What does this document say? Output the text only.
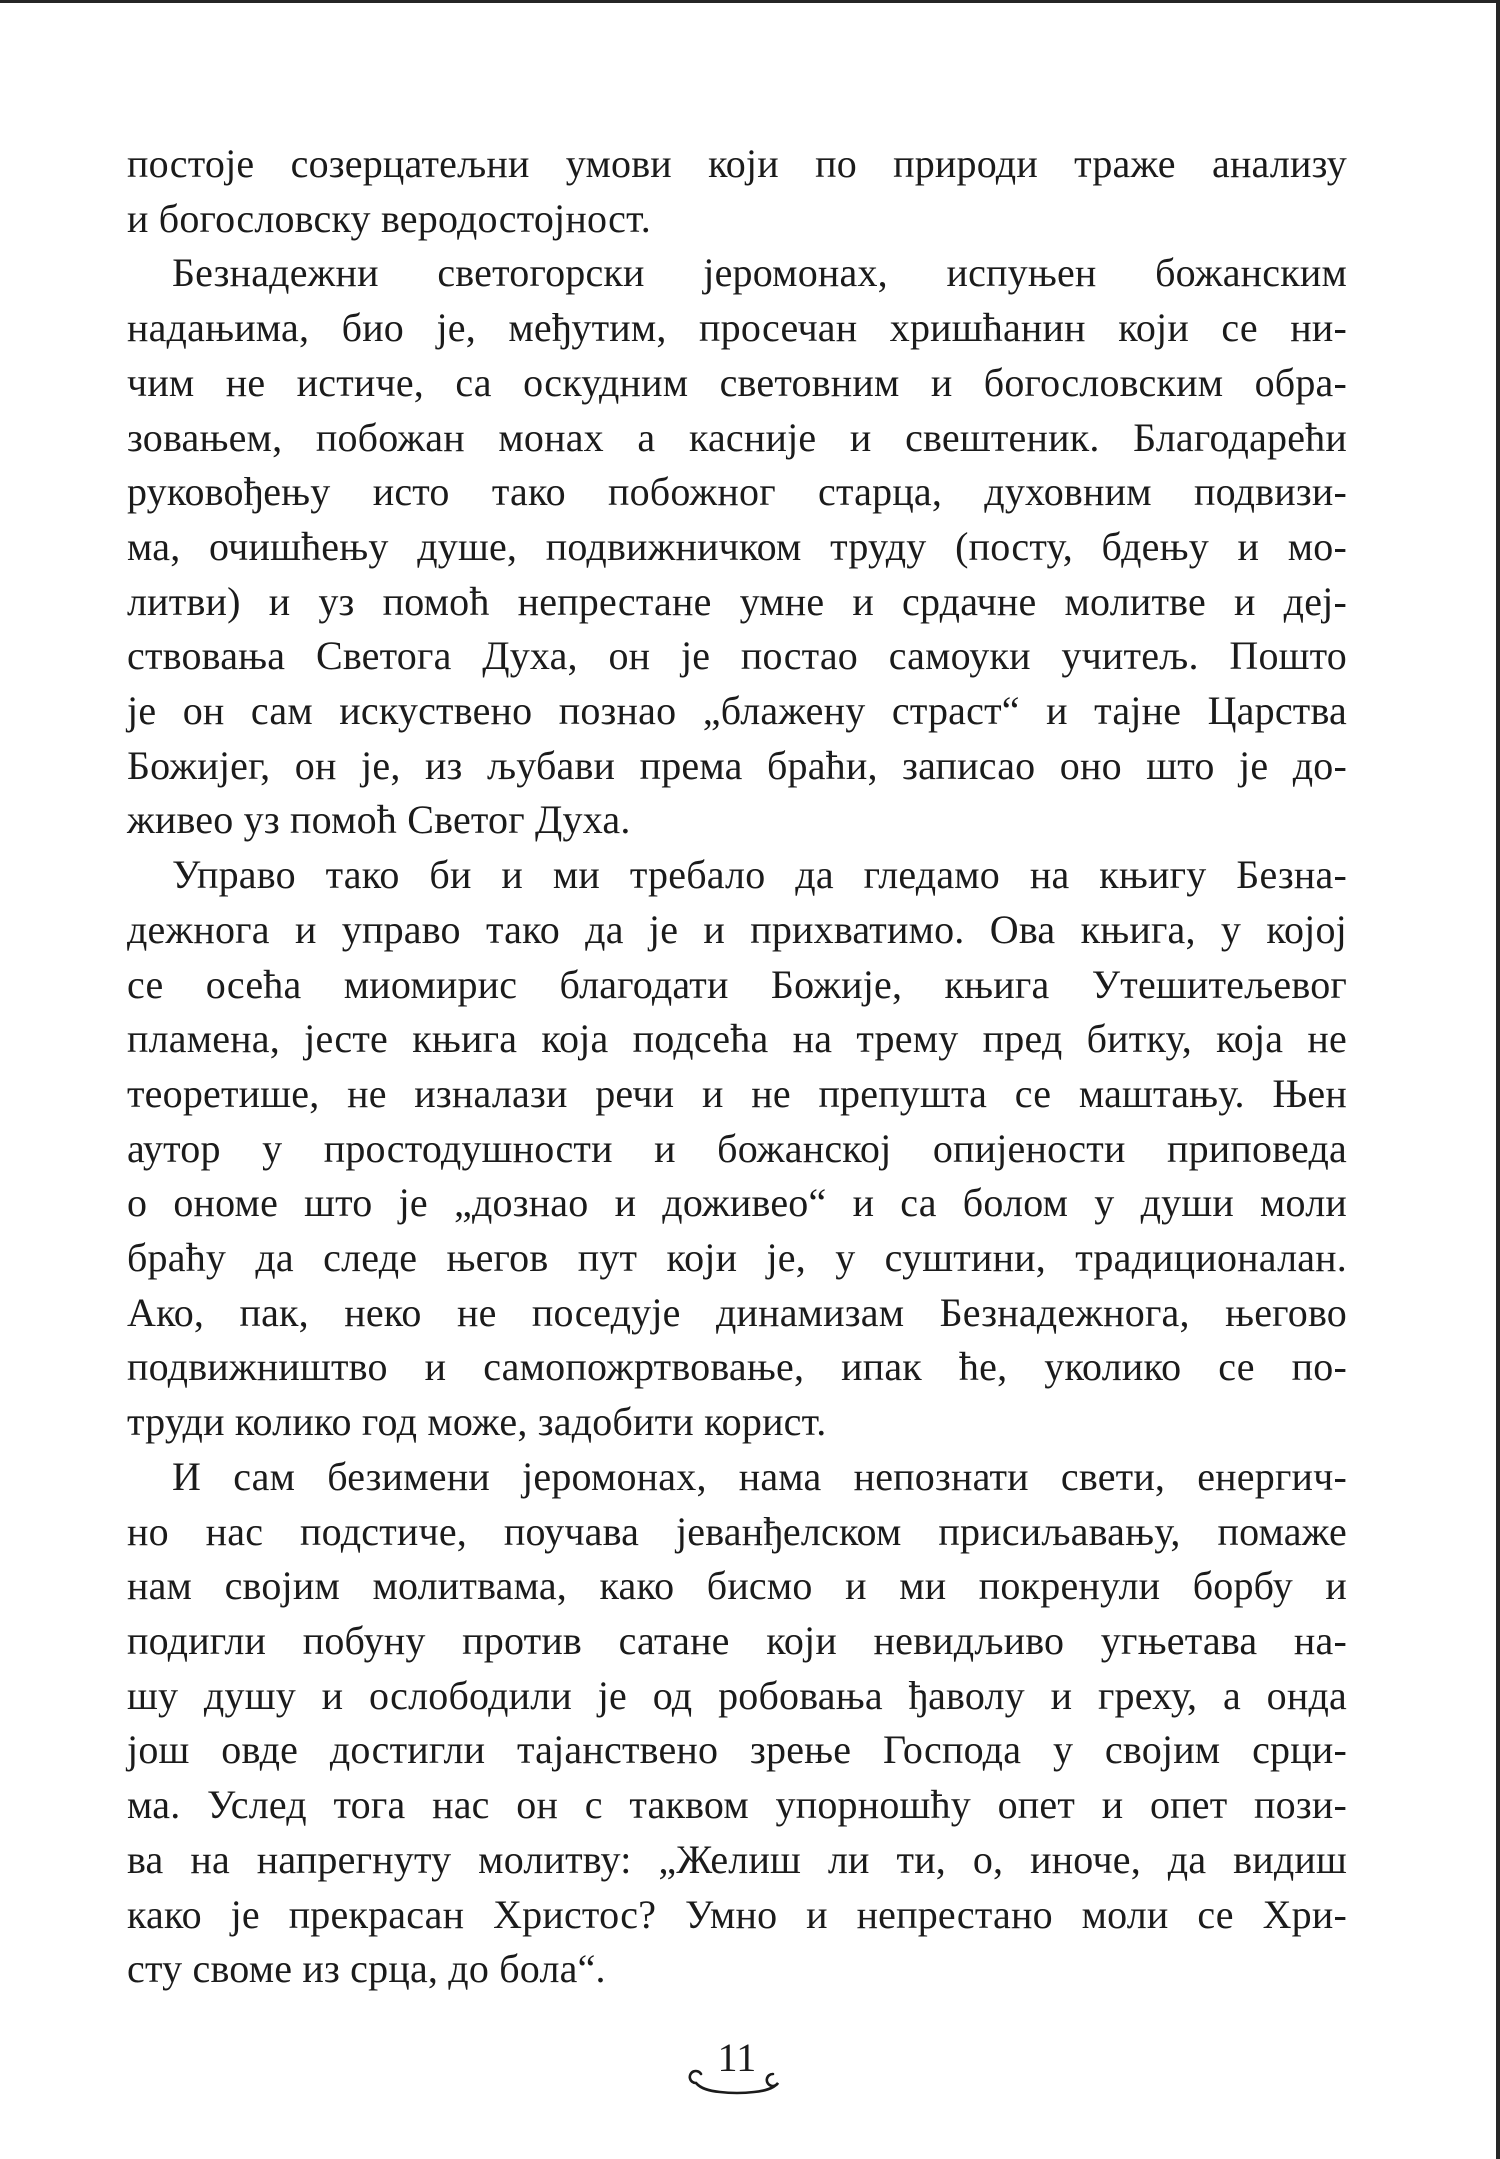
постоје созерцатељни умови који по природи траже анализу
и богословску веродостојност.
Безнадежни светогорски јеромонах, испуњен божанским
надањима, био је, међутим, просечан хришћанин који се ни-
чим не истиче, са оскудним световним и богословским обра-
зовањем, побожан монах а касније и свештеник. Благодарећи
руковођењу исто тако побожног старца, духовним подвизи-
ма, очишћењу душе, подвижничком труду (посту, бдењу и мо-
литви) и уз помоћ непрестане умне и срдачне молитве и деј-
ствовања Светога Духа, он је постао самоуки учитељ. Пошто
је он сам искуствено познао „блажену страст“ и тајне Царства
Божијег, он је, из љубави према браћи, записао оно што је до-
живео уз помоћ Светог Духа.
Управо тако би и ми требало да гледамо на књигу Безна-
дежнога и управо тако да је и прихватимо. Ова књига, у којој
се осећа миомирис благодати Божије, књига Утешитељевог
пламена, јесте књига која подсећа на трему пред битку, која не
теоретише, не изналази речи и не препушта се маштању. Њен
аутор у простодушности и божанској опијености приповеда
о ономе што је „дознао и доживео“ и са болом у души моли
браћу да следе његов пут који је, у суштини, традиционалан.
Ако, пак, неко не поседује динамизам Безнадежнога, његово
подвижништво и самопожртвовање, ипак ће, уколико се по-
труди колико год може, задобити корист.
И сам безимени јеромонах, нама непознати свети, енергич-
но нас подстиче, поучава јеванђелском присиљавању, помаже
нам својим молитвама, како бисмо и ми покренули борбу и
подигли побуну против сатане који невидљиво угњетава на-
шу душу и ослободили је од робовања ђаволу и греху, а онда
још овде достигли тајанствено зрење Господа у својим срци-
ма. Услед тога нас он с таквом упорношћу опет и опет пози-
ва на напрегнуту молитву: „Желиш ли ти, о, иноче, да видиш
како је прекрасан Христос? Умно и непрестано моли се Хри-
сту своме из срца, до бола“.
11
